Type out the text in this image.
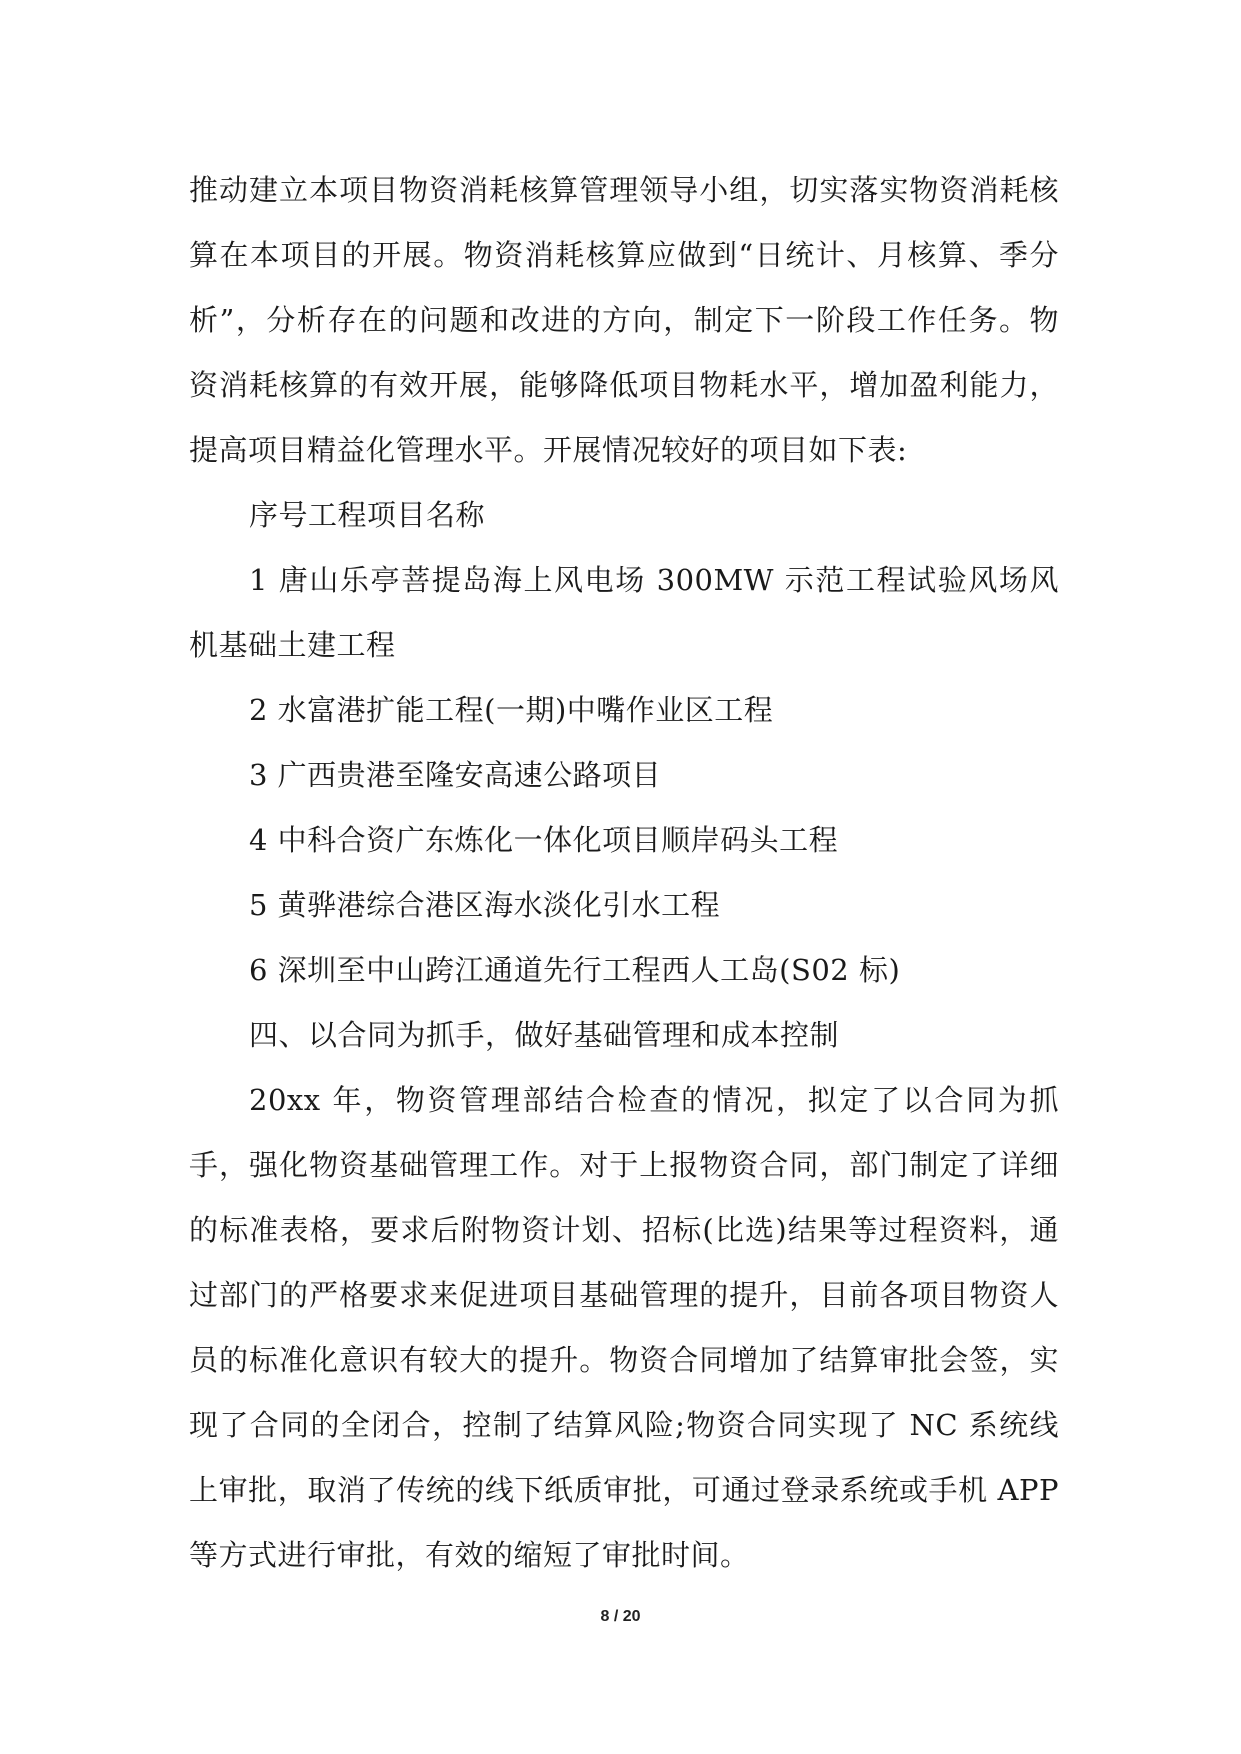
推动建立本项目物资消耗核算管理领导小组，切实落实物资消耗核算在本项目的开展。物资消耗核算应做到“日统计、月核算、季分析”，分析存在的问题和改进的方向，制定下一阶段工作任务。物资消耗核算的有效开展，能够降低项目物耗水平，增加盈利能力，提高项目精益化管理水平。开展情况较好的项目如下表:

序号工程项目名称

1 唐山乐亭菩提岛海上风电场 300MW 示范工程试验风场风机基础土建工程

2 水富港扩能工程(一期)中嘴作业区工程

3 广西贵港至隆安高速公路项目

4 中科合资广东炼化一体化项目顺岸码头工程

5 黄骅港综合港区海水淡化引水工程

6 深圳至中山跨江通道先行工程西人工岛(S02 标)

四、以合同为抓手，做好基础管理和成本控制

20xx 年，物资管理部结合检查的情况，拟定了以合同为抓手，强化物资基础管理工作。对于上报物资合同，部门制定了详细的标准表格，要求后附物资计划、招标(比选)结果等过程资料，通过部门的严格要求来促进项目基础管理的提升，目前各项目物资人员的标准化意识有较大的提升。物资合同增加了结算审批会签，实现了合同的全闭合，控制了结算风险;物资合同实现了 NC 系统线上审批，取消了传统的线下纸质审批，可通过登录系统或手机 APP 等方式进行审批，有效的缩短了审批时间。

8 / 20
